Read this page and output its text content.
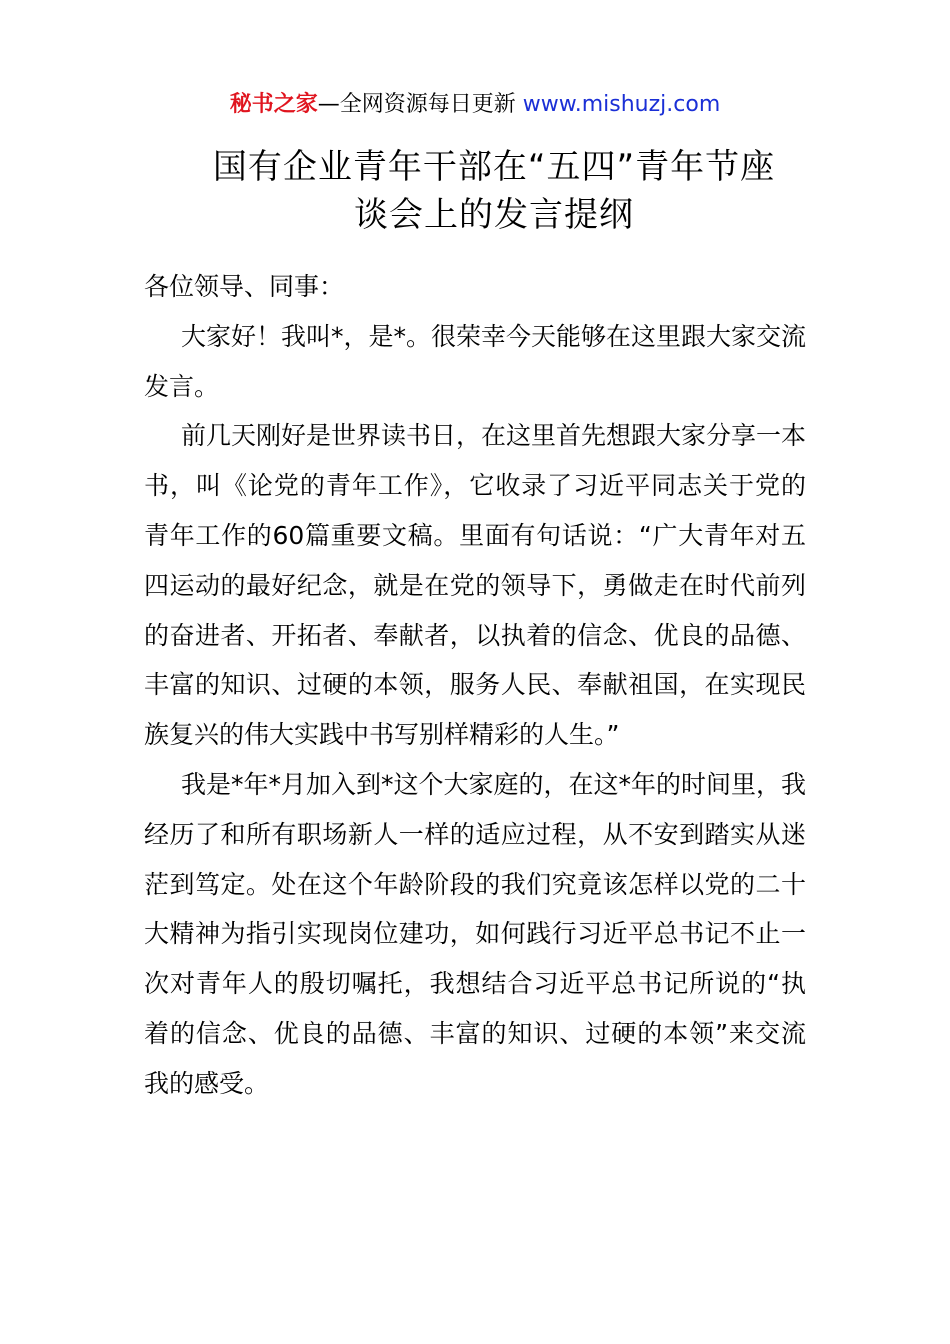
秘书之家—全网资源每日更新 www.mishuzj.com
国有企业青年干部在“五四”青年节座
谈会上的发言提纲

各位领导、同事：

大家好！我叫*，是*。很荣幸今天能够在这里跟大家交流发言。

前几天刚好是世界读书日，在这里首先想跟大家分享一本书，叫《论党的青年工作》，它收录了习近平同志关于党的青年工作的60篇重要文稿。里面有句话说：“广大青年对五四运动的最好纪念，就是在党的领导下，勇做走在时代前列的奋进者、开拓者、奉献者，以执着的信念、优良的品德、丰富的知识、过硬的本领，服务人民、奉献祖国，在实现民族复兴的伟大实践中书写别样精彩的人生。”

我是*年*月加入到*这个大家庭的，在这*年的时间里，我经历了和所有职场新人一样的适应过程，从不安到踏实从迷茫到笃定。处在这个年龄阶段的我们究竟该怎样以党的二十大精神为指引实现岗位建功，如何践行习近平总书记不止一次对青年人的殷切嘱托，我想结合习近平总书记所说的“执着的信念、优良的品德、丰富的知识、过硬的本领”来交流我的感受。
